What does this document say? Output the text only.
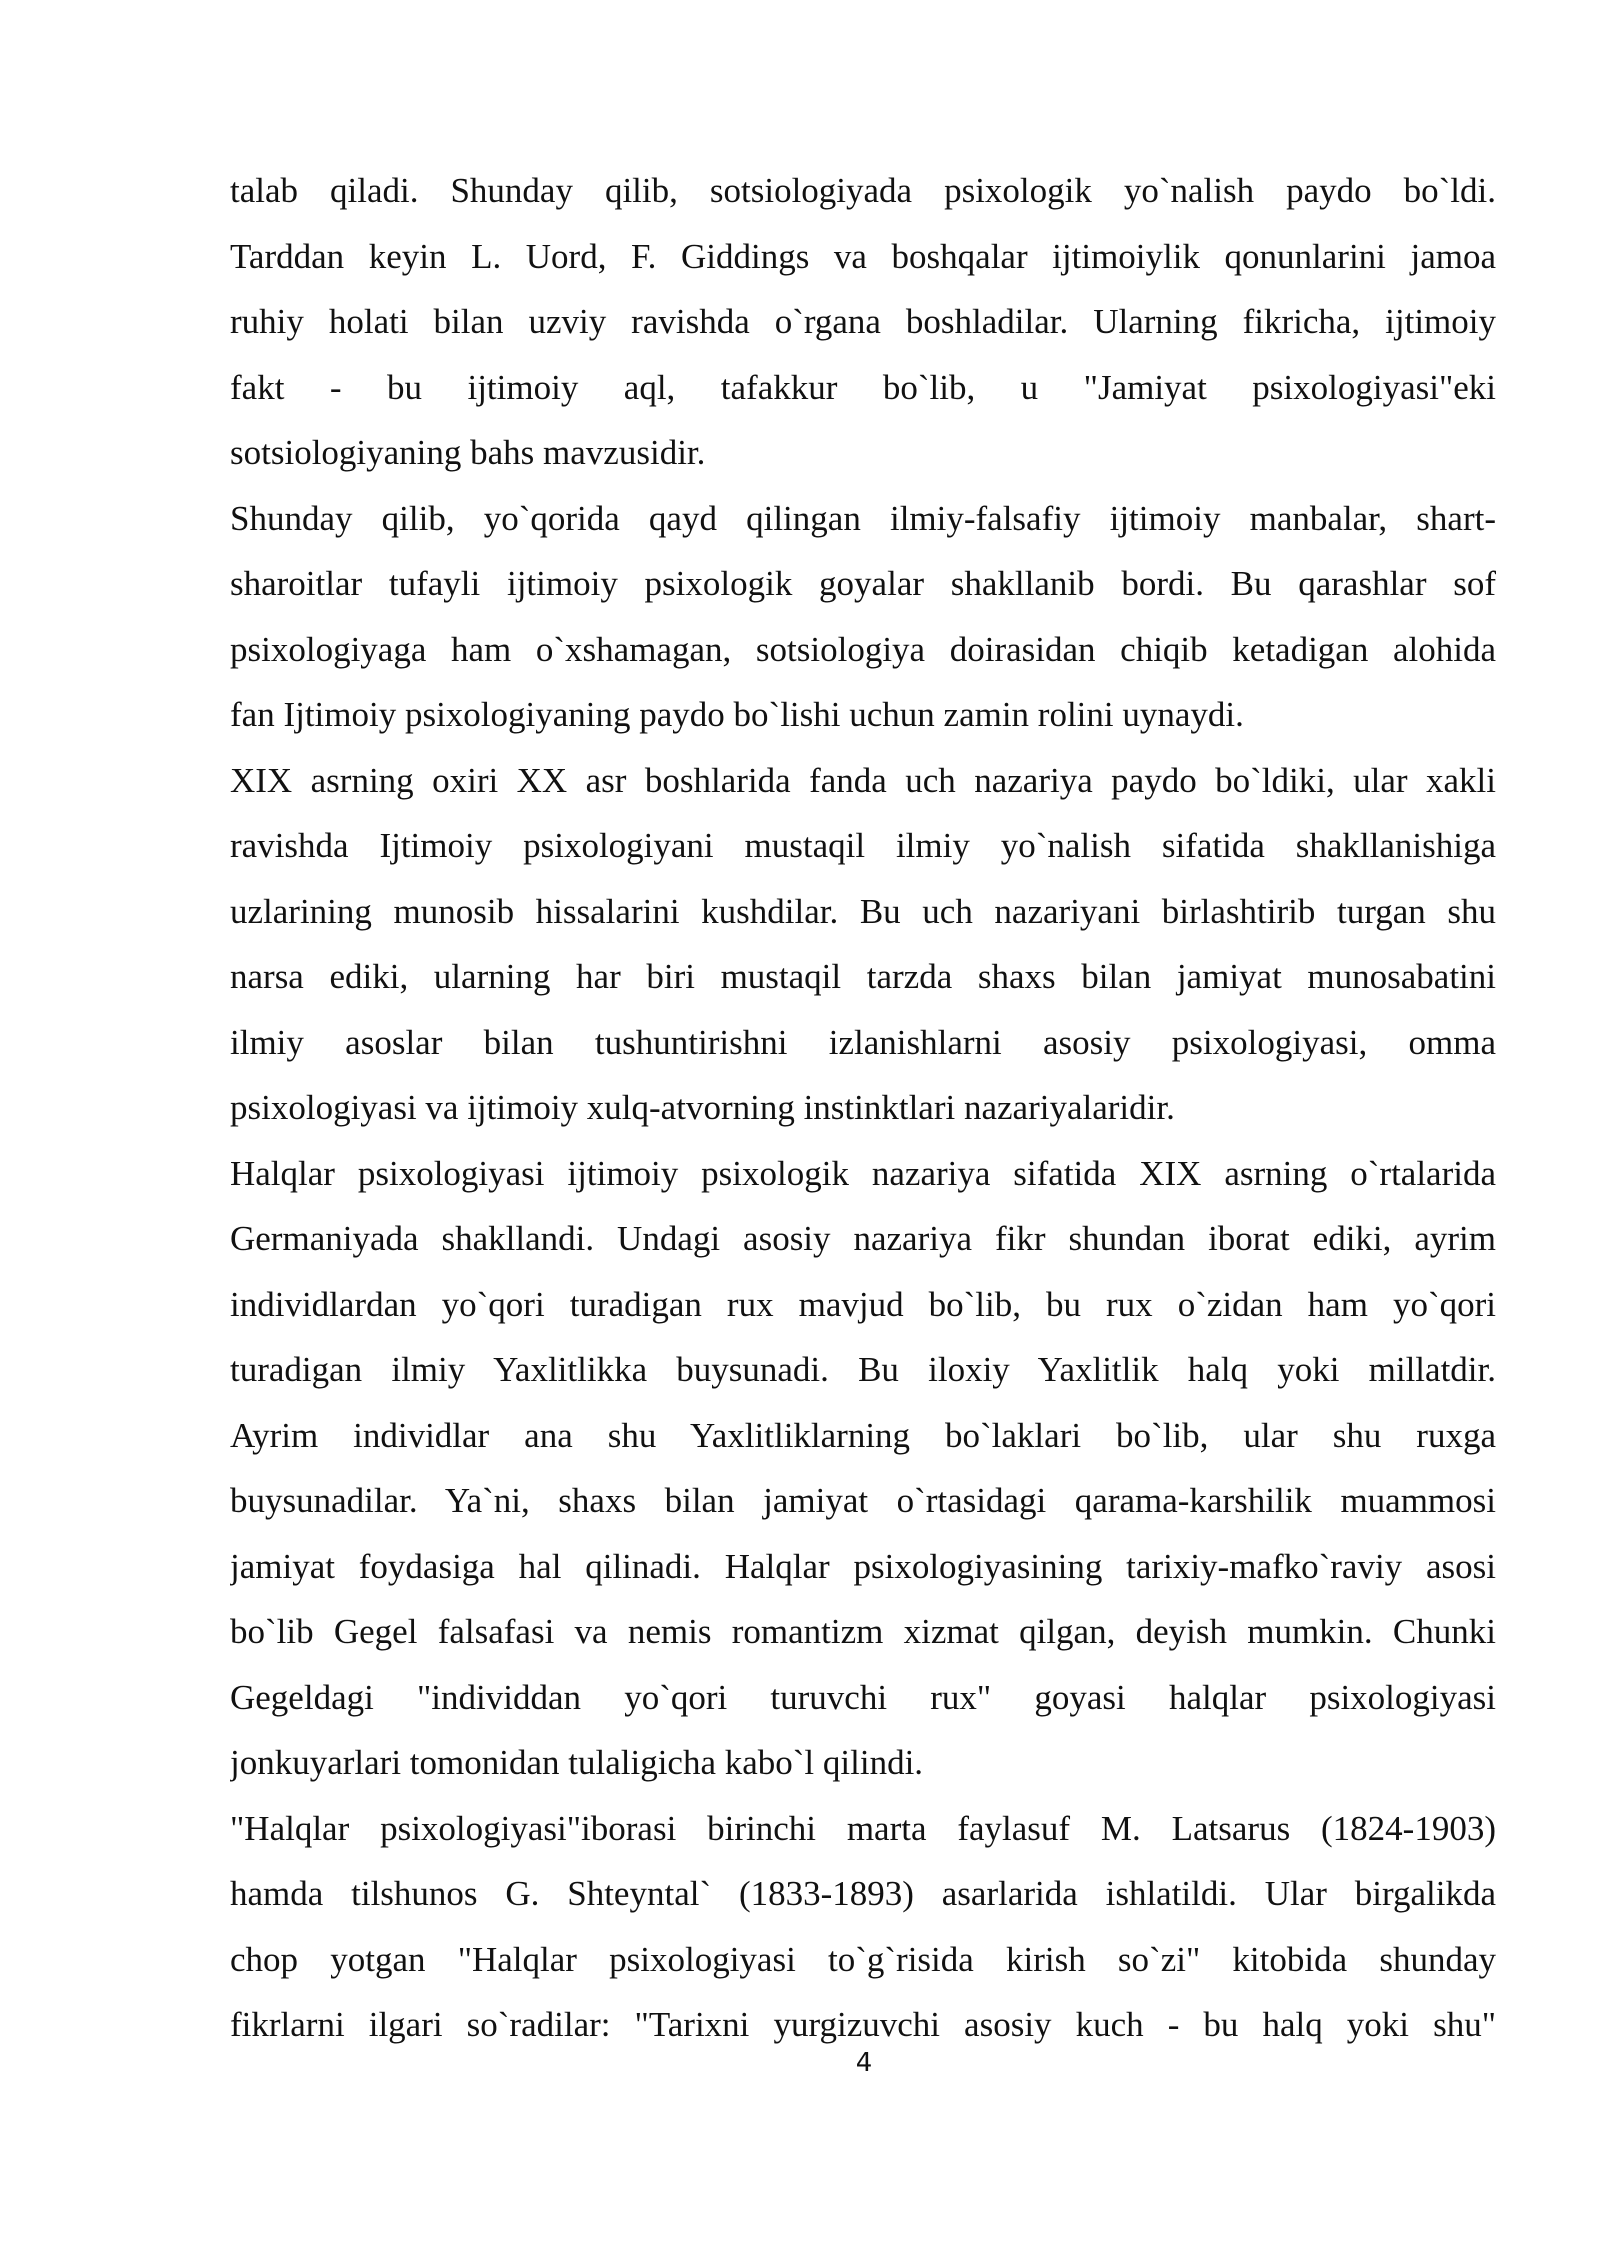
talab qiladi. Shunday qilib, sotsiologiyada psixologik yo`nalish paydo bo`ldi.
Tarddan keyin L. Uord, F. Giddings va boshqalar ijtimoiylik qonunlarini jamoa
ruhiy holati bilan uzviy ravishda o`rgana boshladilar. Ularning fikricha, ijtimoiy
fakt - bu ijtimoiy aql, tafakkur bo`lib, u "Jamiyat psixologiyasi"eki
sotsiologiyaning bahs mavzusidir.
Shunday qilib, yo`qorida qayd qilingan ilmiy-falsafiy ijtimoiy manbalar, shart-
sharoitlar tufayli ijtimoiy psixologik goyalar shakllanib bordi. Bu qarashlar sof
psixologiyaga ham o`xshamagan, sotsiologiya doirasidan chiqib ketadigan alohida
fan Ijtimoiy psixologiyaning paydo bo`lishi uchun zamin rolini uynaydi.
XIX asrning oxiri XX asr boshlarida fanda uch nazariya paydo bo`ldiki, ular xakli
ravishda Ijtimoiy psixologiyani mustaqil ilmiy yo`nalish sifatida shakllanishiga
uzlarining munosib hissalarini kushdilar. Bu uch nazariyani birlashtirib turgan shu
narsa ediki, ularning har biri mustaqil tarzda shaxs bilan jamiyat munosabatini
ilmiy asoslar bilan tushuntirishni izlanishlarni asosiy psixologiyasi, omma
psixologiyasi va ijtimoiy xulq-atvorning instinktlari nazariyalaridir.
Halqlar psixologiyasi ijtimoiy psixologik nazariya sifatida XIX asrning o`rtalarida
Germaniyada shakllandi. Undagi asosiy nazariya fikr shundan iborat ediki, ayrim
individlardan yo`qori turadigan rux mavjud bo`lib, bu rux o`zidan ham yo`qori
turadigan ilmiy Yaxlitlikka buysunadi. Bu iloxiy Yaxlitlik halq yoki millatdir.
Ayrim individlar ana shu Yaxlitliklarning bo`laklari bo`lib, ular shu ruxga
buysunadilar. Ya`ni, shaxs bilan jamiyat o`rtasidagi qarama-karshilik muammosi
jamiyat foydasiga hal qilinadi. Halqlar psixologiyasining tarixiy-mafko`raviy asosi
bo`lib Gegel falsafasi va nemis romantizm xizmat qilgan, deyish mumkin. Chunki
Gegeldagi "individdan yo`qori turuvchi rux" goyasi halqlar psixologiyasi
jonkuyarlari tomonidan tulaligicha kabo`l qilindi.
"Halqlar psixologiyasi"iborasi birinchi marta faylasuf M. Latsarus (1824-1903)
hamda tilshunos G. Shteyntal` (1833-1893) asarlarida ishlatildi. Ular birgalikda
chop yotgan "Halqlar psixologiyasi to`g`risida kirish so`zi" kitobida shunday
fikrlarni ilgari so`radilar: "Tarixni yurgizuvchi asosiy kuch - bu halq yoki shu"
4
